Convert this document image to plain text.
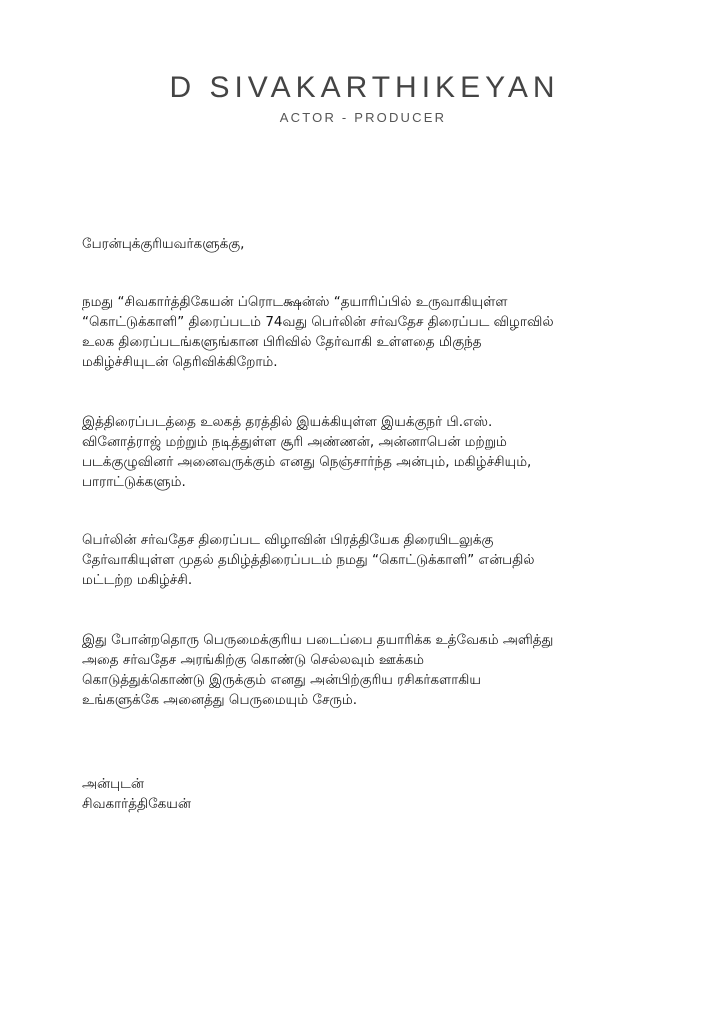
D SIVAKARTHIKEYAN
ACTOR - PRODUCER
பேரன்புக்குரியவர்களுக்கு,
நமது “சிவகார்த்திகேயன் ப்ரொடக்ஷன்ஸ் “தயாரிப்பில் உருவாகியுள்ள
“கொட்டுக்காளி” திரைப்படம் 74வது பெர்லின் சர்வதேச திரைப்பட விழாவில்
உலக திரைப்படங்களுங்கான பிரிவில் தேர்வாகி உள்ளதை மிகுந்த
மகிழ்ச்சியுடன் தெரிவிக்கிறோம்.
இத்திரைப்படத்தை உலகத் தரத்தில் இயக்கியுள்ள இயக்குநர் பி.எஸ்.
வினோத்ராஜ் மற்றும் நடித்துள்ள சூரி அண்ணன், அன்னாபென் மற்றும்
படக்குழுவினர் அனைவருக்கும் எனது நெஞ்சார்ந்த அன்பும், மகிழ்ச்சியும்,
பாராட்டுக்களும்.
பெர்லின் சர்வதேச திரைப்பட விழாவின் பிரத்தியேக திரையிடலுக்கு
தேர்வாகியுள்ள முதல் தமிழ்த்திரைப்படம் நமது “கொட்டுக்காளி” என்பதில்
மட்டற்ற மகிழ்ச்சி.
இது போன்றதொரு பெருமைக்குரிய படைப்பை தயாரிக்க உத்வேகம் அளித்து
அதை சர்வதேச அரங்கிற்கு கொண்டு செல்லவும் ஊக்கம்
கொடுத்துக்கொண்டு இருக்கும் எனது அன்பிற்குரிய ரசிகர்களாகிய
உங்களுக்கே அனைத்து பெருமையும் சேரும்.
அன்புடன்
சிவகார்த்திகேயன்
